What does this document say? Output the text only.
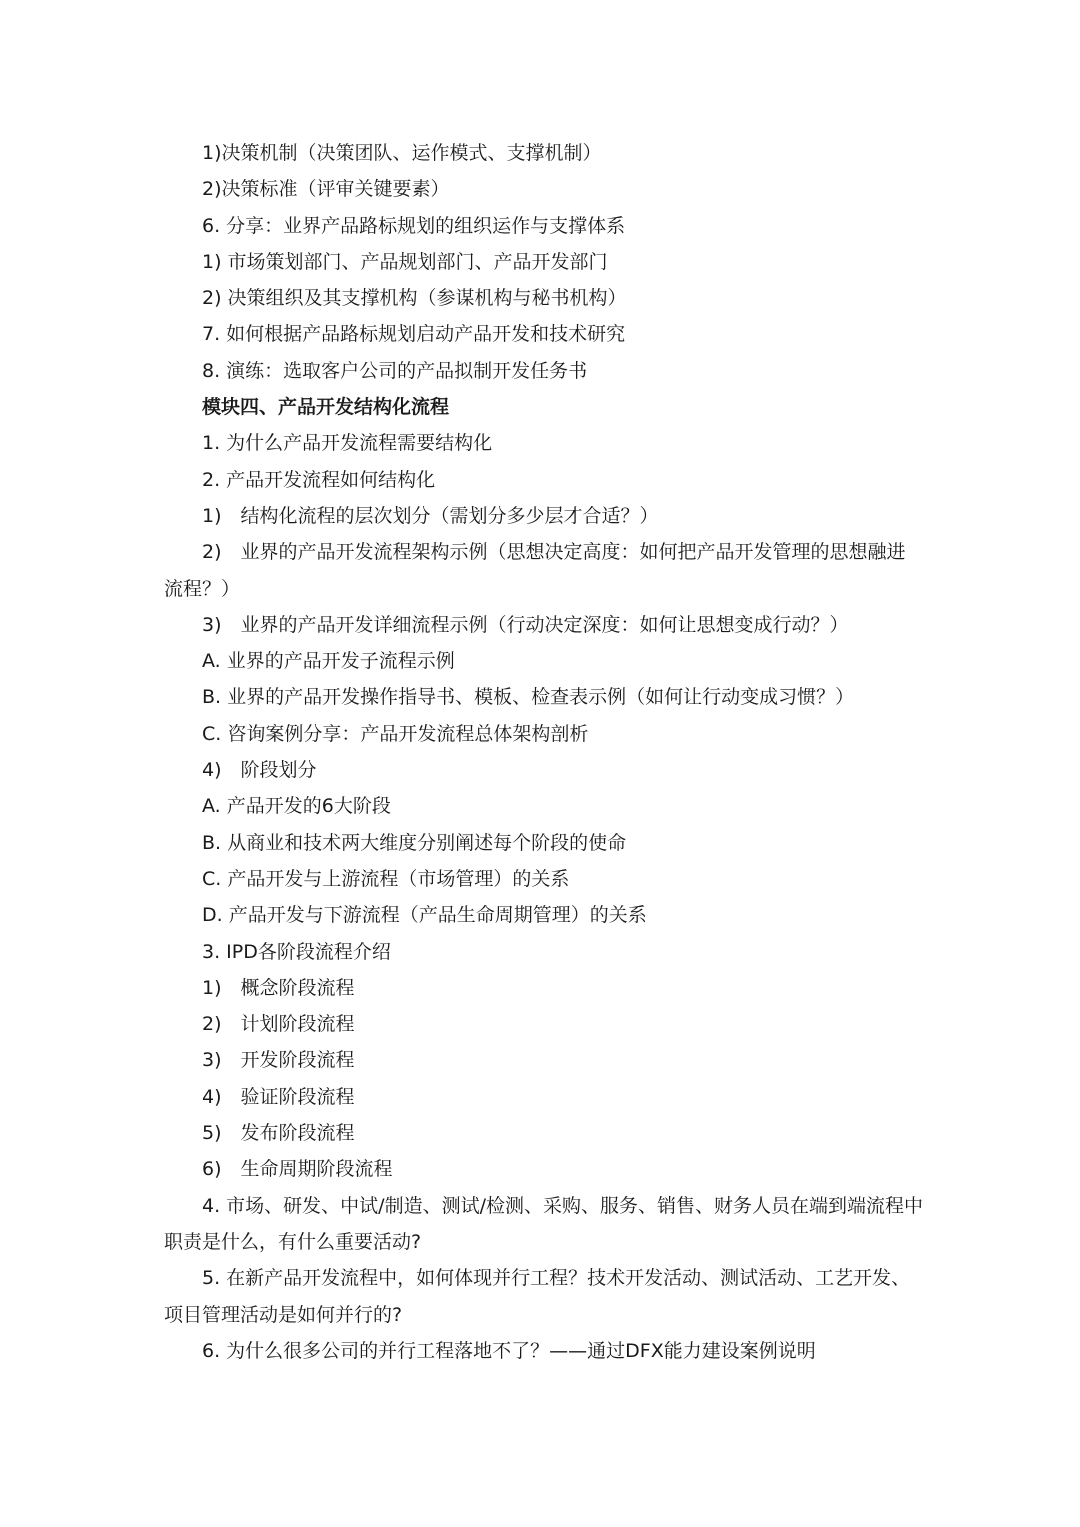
1)决策机制（决策团队、运作模式、支撑机制）
2)决策标准（评审关键要素）
6. 分享：业界产品路标规划的组织运作与支撑体系
1) 市场策划部门、产品规划部门、产品开发部门
2) 决策组织及其支撑机构（参谋机构与秘书机构）
7. 如何根据产品路标规划启动产品开发和技术研究
8. 演练：选取客户公司的产品拟制开发任务书
模块四、产品开发结构化流程
1. 为什么产品开发流程需要结构化
2. 产品开发流程如何结构化
1)　结构化流程的层次划分（需划分多少层才合适？）
2)　业界的产品开发流程架构示例（思想决定高度：如何把产品开发管理的思想融进流程？）
3)　业界的产品开发详细流程示例（行动决定深度：如何让思想变成行动？）
A. 业界的产品开发子流程示例
B. 业界的产品开发操作指导书、模板、检查表示例（如何让行动变成习惯？）
C. 咨询案例分享：产品开发流程总体架构剖析
4)　阶段划分
A. 产品开发的6大阶段
B. 从商业和技术两大维度分别阐述每个阶段的使命
C. 产品开发与上游流程（市场管理）的关系
D. 产品开发与下游流程（产品生命周期管理）的关系
3. IPD各阶段流程介绍
1)　概念阶段流程
2)　计划阶段流程
3)　开发阶段流程
4)　验证阶段流程
5)　发布阶段流程
6)　生命周期阶段流程
4. 市场、研发、中试/制造、测试/检测、采购、服务、销售、财务人员在端到端流程中职责是什么，有什么重要活动?
5. 在新产品开发流程中，如何体现并行工程？技术开发活动、测试活动、工艺开发、项目管理活动是如何并行的?
6. 为什么很多公司的并行工程落地不了？——通过DFX能力建设案例说明
